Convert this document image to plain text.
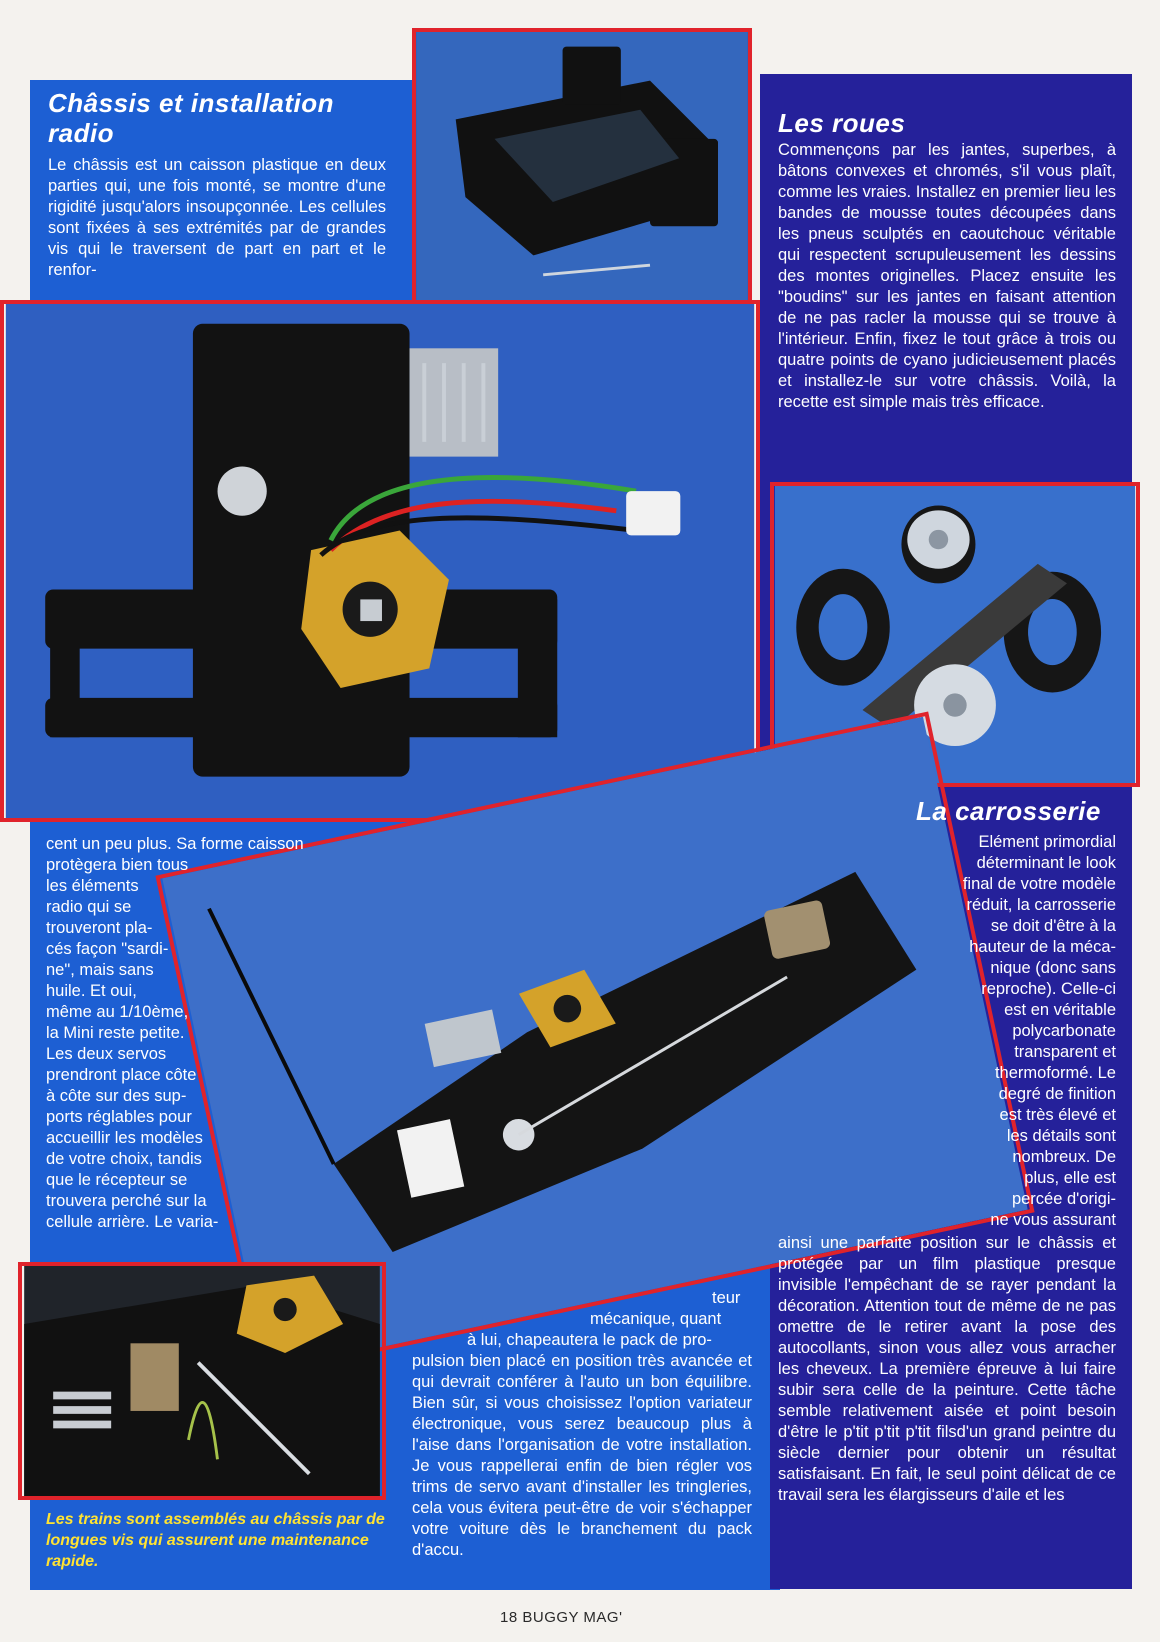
Châssis et installation radio
Le châssis est un caisson plastique en deux parties qui, une fois monté, se montre d'une rigidité jusqu'alors insoupçonnée. Les cellules sont fixées à ses extrémités par de grandes vis qui le traversent de part en part et le renfor-
cent un peu plus. Sa forme caisson
protègera bien tous
les éléments
radio qui se
trouveront pla-
cés façon "sardi-
ne", mais sans
huile. Et oui,
même au 1/10ème,
la Mini reste petite.
Les deux servos
prendront place côte
à côte sur des sup-
ports réglables pour
accueillir les modèles
de votre choix, tandis
que le récepteur se
trouvera perché sur la
cellule arrière. Le varia-
teur
mécanique, quant
à lui, chapeautera le pack de pro-
pulsion bien placé en position très avancée et qui devrait conférer à l'auto un bon équilibre. Bien sûr, si vous choisissez l'option variateur électronique, vous serez beaucoup plus à l'aise dans l'organisation de votre installation. Je vous rappellerai enfin de bien régler vos trims de servo avant d'installer les tringleries, cela vous évitera peut-être de voir s'échapper votre voiture dès le branchement du pack d'accu.
Les trains sont assemblés au châssis par de longues vis qui assurent une maintenance rapide.
Les roues
Commençons par les jantes, superbes, à bâtons convexes et chromés, s'il vous plaît, comme les vraies. Installez en premier lieu les bandes de mousse toutes découpées dans les pneus sculptés en caoutchouc véritable qui respectent scrupuleusement les dessins des montes originelles. Placez ensuite les "boudins" sur les jantes en faisant attention de ne pas racler la mousse qui se trouve à l'intérieur. Enfin, fixez le tout grâce à trois ou quatre points de cyano judicieusement placés et installez-le sur votre châssis. Voilà, la recette est simple mais très efficace.
La carrosserie
Elément primordial
déterminant le look
final de votre modèle
réduit, la carrosserie
se doit d'être à la
hauteur de la méca-
nique (donc sans
reproche). Celle-ci
est en véritable
polycarbonate
transparent et
thermoformé. Le
degré de finition
est très élevé et
les détails sont
nombreux. De
plus, elle est
percée d'origi-
ne vous assurant
ainsi une parfaite position sur le châssis et protégée par un film plastique presque invisible l'empêchant de se rayer pendant la décoration. Attention tout de même de ne pas omettre de le retirer avant la pose des autocollants, sinon vous allez vous arracher les cheveux. La première épreuve à lui faire subir sera celle de la peinture. Cette tâche semble relativement aisée et point besoin d'être le p'tit p'tit p'tit filsd'un grand peintre du siècle dernier pour obtenir un résultat satisfaisant. En fait, le seul point délicat de ce travail sera les élargisseurs d'aile et les
18 BUGGY MAG'
